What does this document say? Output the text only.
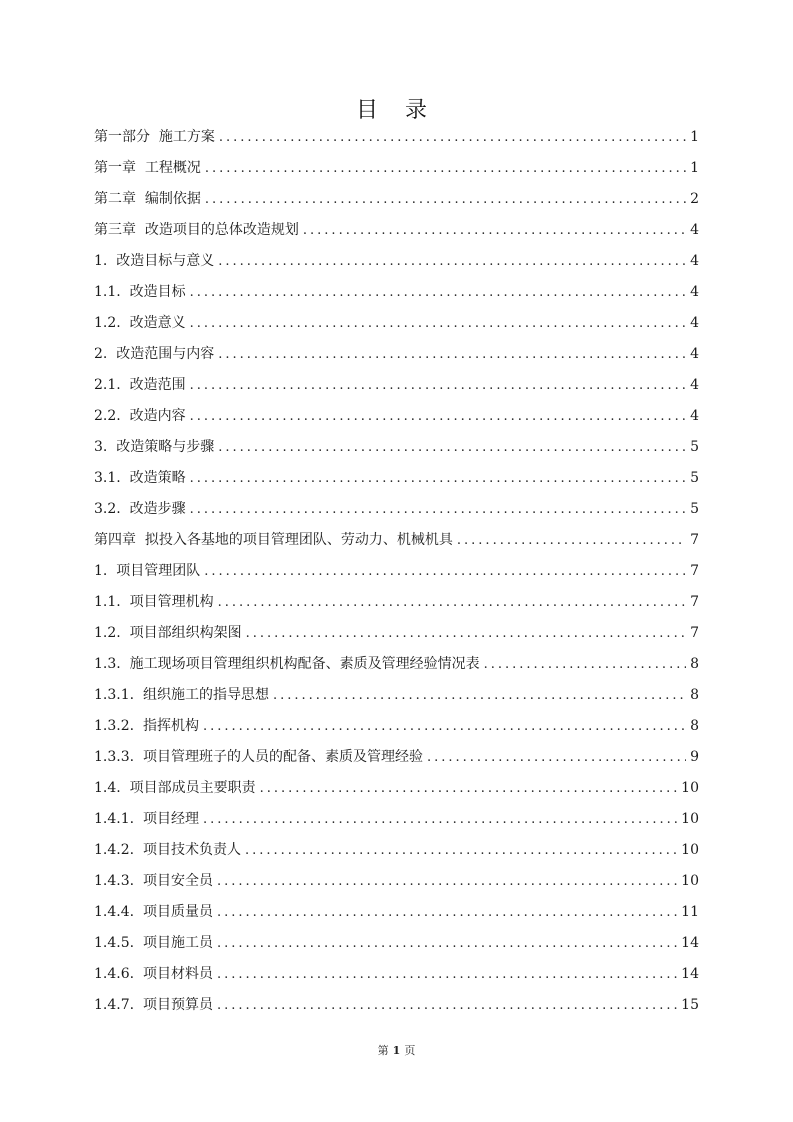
目 录
第一部分  施工方案 .....	1
第一章  工程概况 .....	1
第二章  编制依据 .....	2
第三章  改造项目的总体改造规划 .....	4
1.  改造目标与意义 .....	4
1.1.  改造目标 .....	4
1.2.  改造意义 .....	4
2.  改造范围与内容 .....	4
2.1.  改造范围 .....	4
2.2.  改造内容 .....	4
3.  改造策略与步骤 .....	5
3.1.  改造策略 .....	5
3.2.  改造步骤 .....	5
第四章  拟投入各基地的项目管理团队、劳动力、机械机具 .....	7
1.  项目管理团队 .....	7
1.1.  项目管理机构 .....	7
1.2.  项目部组织构架图 .....	7
1.3.  施工现场项目管理组织机构配备、素质及管理经验情况表 .....	8
1.3.1.  组织施工的指导思想 .....	8
1.3.2.  指挥机构 .....	8
1.3.3.  项目管理班子的人员的配备、素质及管理经验 .....	9
1.4.  项目部成员主要职责 .....	10
1.4.1.  项目经理 .....	10
1.4.2.  项目技术负责人 .....	10
1.4.3.  项目安全员 .....	10
1.4.4.  项目质量员 .....	11
1.4.5.  项目施工员 .....	14
1.4.6.  项目材料员 .....	14
1.4.7.  项目预算员 .....	15
第 1 页
